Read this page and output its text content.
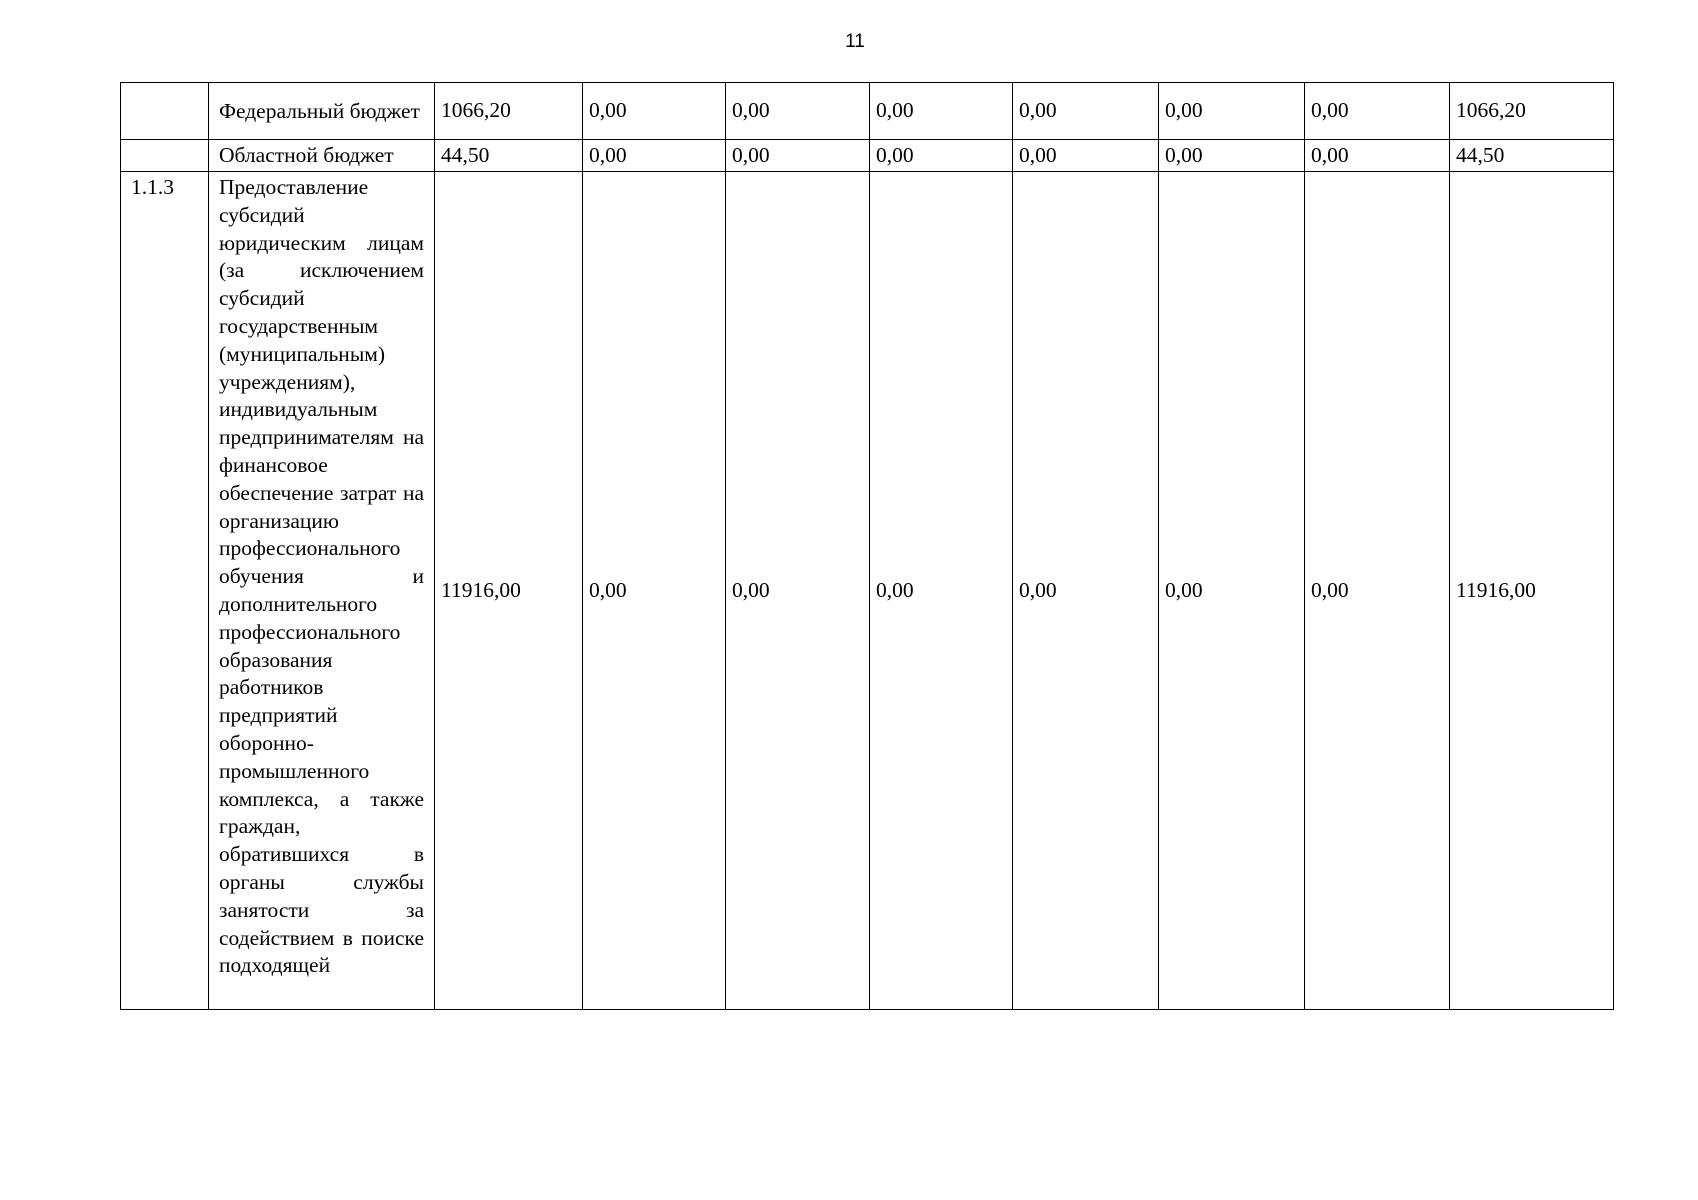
11
	Федеральный бюджет	1066,20	0,00	0,00	0,00	0,00	0,00	0,00	1066,20
	Областной бюджет	44,50	0,00	0,00	0,00	0,00	0,00	0,00	44,50
1.1.3	Предоставление субсидий юридическим лицам (за исключением субсидий государственным (муниципальным) учреждениям), индивидуальным предпринимателям на финансовое обеспечение затрат на организацию профессионального обучения и дополнительного профессионального образования работников предприятий оборонно-промышленного комплекса, а также граждан, обратившихся в органы службы занятости за содействием в поиске подходящей	11916,00	0,00	0,00	0,00	0,00	0,00	0,00	11916,00
